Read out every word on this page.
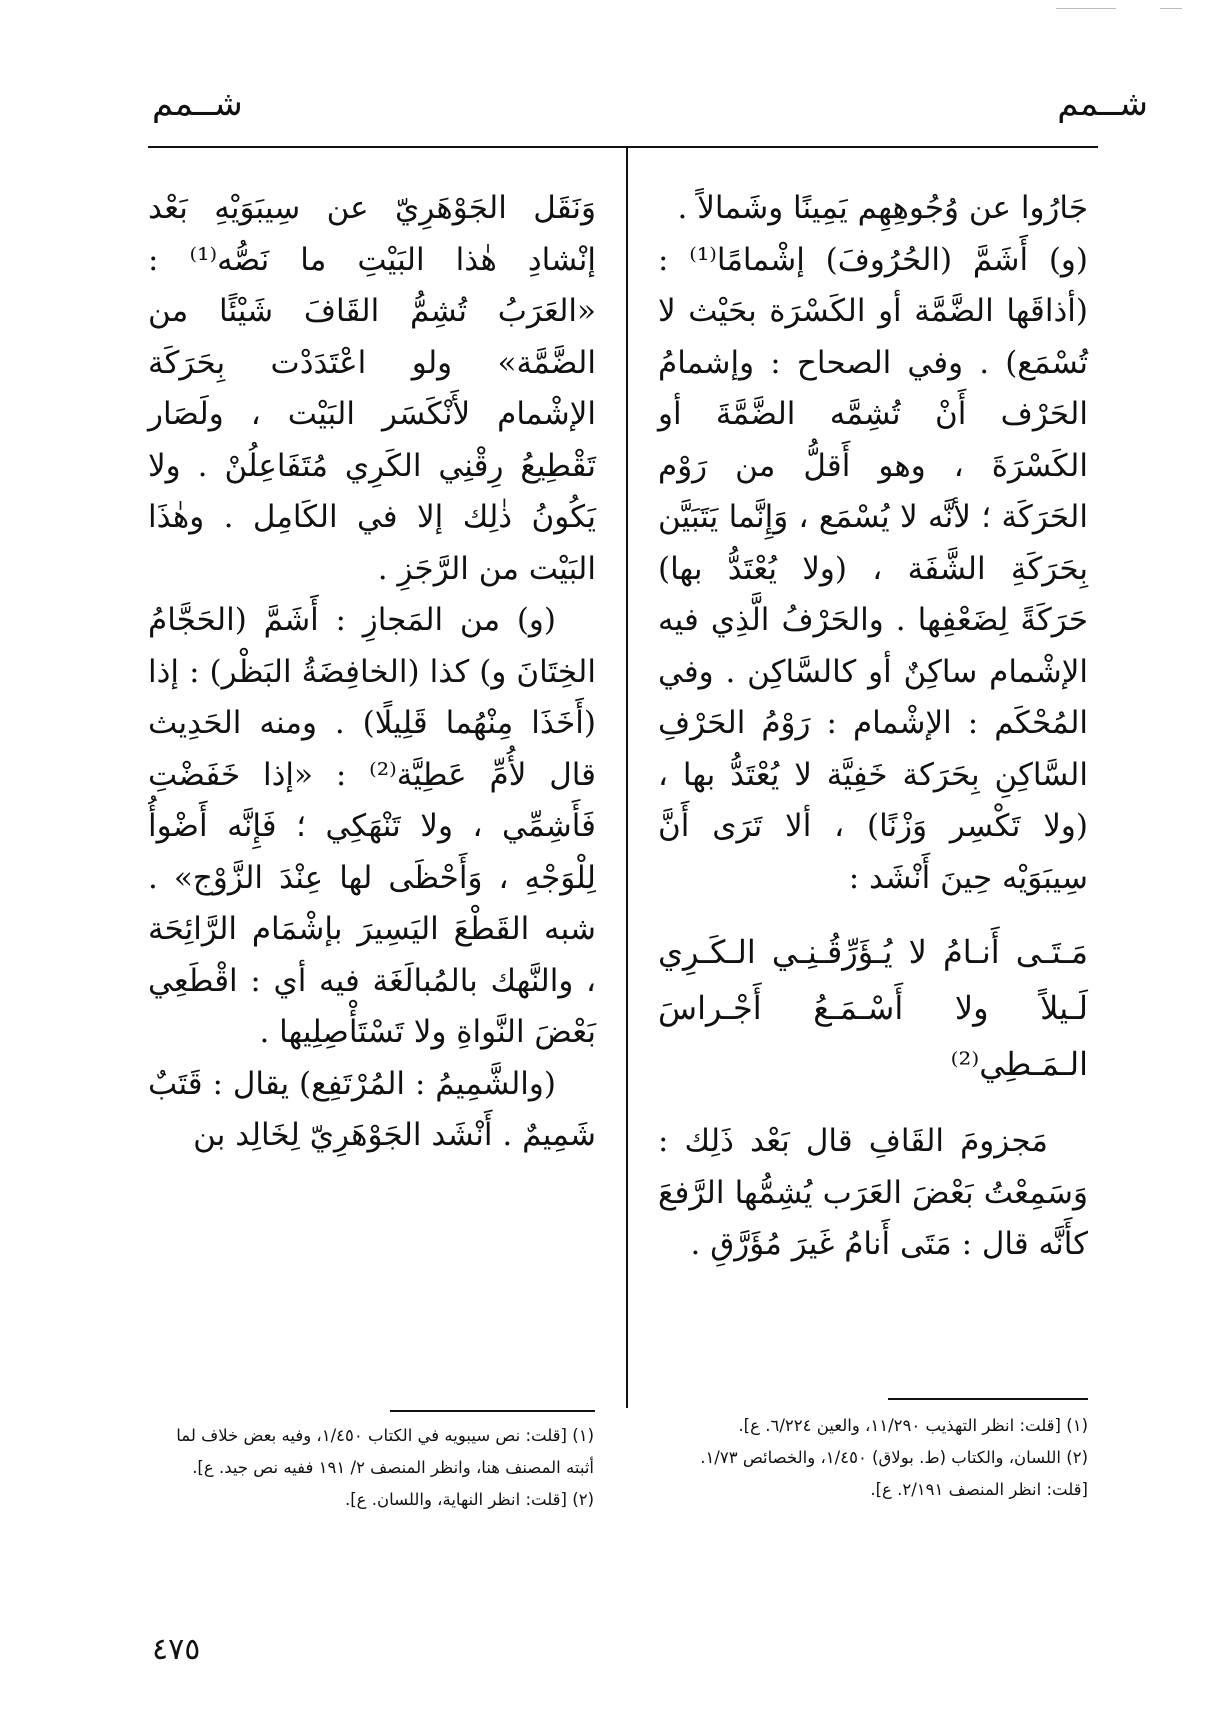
شــمم
شــمم

جَارُوا عن وُجُوهِهِم يَمِينًا وشَمالاً .

(و) أَشَمَّ (الحُرُوفَ) إشْمامًا⁽¹⁾ : (أذاقَها الضَّمَّة أو الكَسْرَة بحَيْث لا تُسْمَع) . وفي الصحاح : وإشمامُ الحَرْف أَنْ تُشِمَّه الضَّمَّةَ أو الكَسْرَةَ ، وهو أَقلُّ من رَوْم الحَرَكَة ؛ لأنَّه لا يُسْمَع ، وَإِنَّما يَتَبَيَّن بِحَرَكَةِ الشَّفَة ، (ولا يُعْتَدُّ بها) حَرَكَةً لِضَعْفِها . والحَرْفُ الَّذِي فيه الإشْمام ساكِنٌ أو كالسَّاكِن . وفي المُحْكَم : الإشْمام : رَوْمُ الحَرْفِ السَّاكِنِ بِحَرَكة خَفِيَّة لا يُعْتَدُّ بها ، (ولا تَكْسِر وَزْنًا) ، ألا تَرَى أَنَّ سِيبَوَيْه حِينَ أَنْشَد :

مَـتَـى أَنـامُ لا يُـؤَرِّقُـنِـي الـكَـرِي
لَـيلاً ولا أَسْـمَـعُ أَجْـراسَ الـمَـطِي⁽²⁾

مَجزومَ القَافِ قال بَعْد ذَلِك : وَسَمِعْتُ بَعْضَ العَرَب يُشِمُّها الرَّفعَ كأَنَّه قال : مَتَى أَنامُ غَيرَ مُؤَرَّقِ .

وَنَقَل الجَوْهَرِيّ عن سِيبَوَيْهِ بَعْد إنْشادِ هٰذا البَيْتِ ما نَصُّه⁽¹⁾ : «العَرَبُ تُشِمُّ القَافَ شَيْئًا من الضَّمَّة» ولو اعْتَدَدْت بِحَرَكَة الإشْمام لأَنْكَسَر البَيْت ، ولَصَار تَقْطِيعُ رِقْنِي الكَرِي مُتَفَاعِلُنْ . ولا يَكُونُ ذٰلِك إلا في الكَامِل . وهٰذَا البَيْت من الرَّجَزِ .

(و) من المَجازِ : أَشَمَّ (الحَجَّامُ الخِتَانَ و) كذا (الخافِضَةُ البَظْر) : إذا (أَخَذَا مِنْهُما قَلِيلًا) . ومنه الحَدِيث قال لأُمِّ عَطِيَّة⁽²⁾ : «إذا خَفَضْتِ فَأَشِمِّي ، ولا تَنْهَكِي ؛ فَإِنَّه أَضْوأُ لِلْوَجْهِ ، وَأَحْظَى لها عِنْدَ الزَّوْج» . شبه القَطْعَ اليَسِيرَ بإشْمَام الرَّائِحَة ، والنَّهك بالمُبالَغَة فيه أي : اقْطَعِي بَعْضَ النَّواةِ ولا تَسْتَأْصِلِيها .

(والشَّمِيمُ : المُرْتَفِع) يقال : قَتَبٌ شَمِيمٌ . أَنْشَد الجَوْهَرِيّ لِخَالِد بن

(١) [قلت: انظر التهذيب ١١/٢٩٠، والعين ٦/٢٢٤. ع].

(٢) اللسان، والكتاب (ط. بولاق) ١/٤٥٠، والخصائص ١/٧٣. [قلت: انظر المنصف ٢/١٩١. ع].

(١) [قلت: نص سيبويه في الكتاب ١/٤٥٠، وفيه بعض خلاف لما أثبته المصنف هنا، وانظر المنصف ٢/ ١٩١ ففيه نص جيد. ع].

(٢) [قلت: انظر النهاية، واللسان. ع].

٤٧٥
